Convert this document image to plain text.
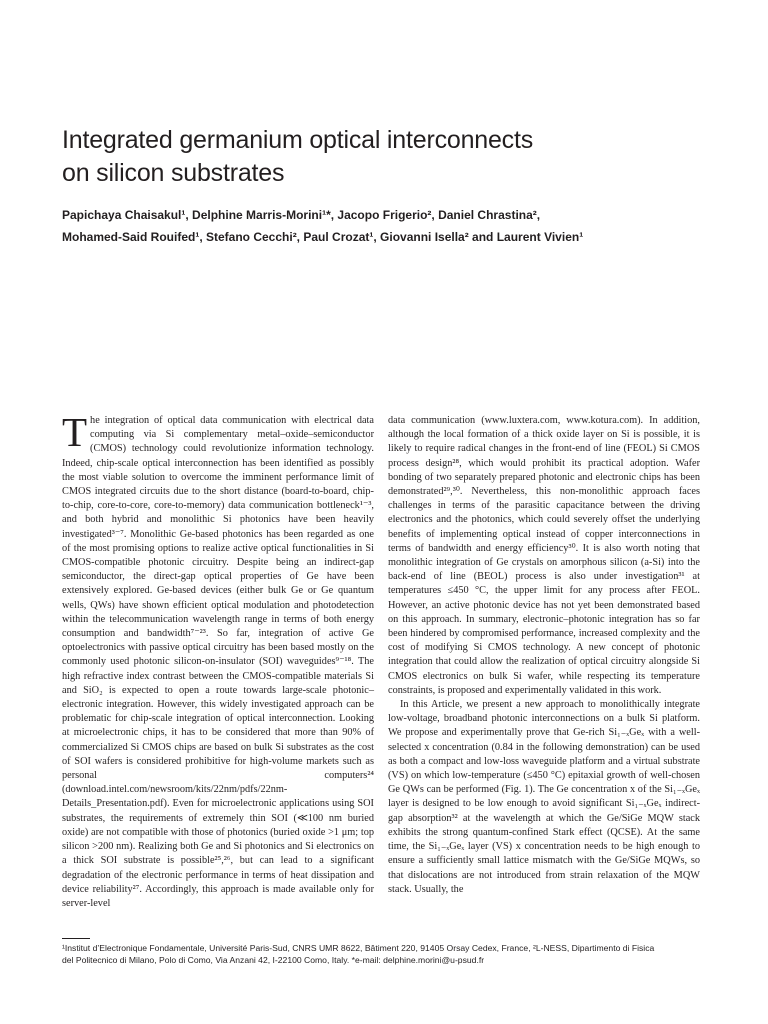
Integrated germanium optical interconnects
on silicon substrates
Papichaya Chaisakul¹, Delphine Marris-Morini¹*, Jacopo Frigerio², Daniel Chrastina²,
Mohamed-Said Rouifed¹, Stefano Cecchi², Paul Crozat¹, Giovanni Isella² and Laurent Vivien¹

The integration of optical data communication with electrical data computing via Si complementary metal–oxide–semiconductor (CMOS) technology could revolutionize information technology. Indeed, chip-scale optical interconnection has been identified as possibly the most viable solution to overcome the imminent performance limit of CMOS integrated circuits due to the short distance (board-to-board, chip-to-chip, core-to-core, core-to-memory) data communication bottleneck¹⁻³, and both hybrid and monolithic Si photonics have been heavily investigated³⁻⁷. Monolithic Ge-based photonics has been regarded as one of the most promising options to realize active optical functionalities in Si CMOS-compatible photonic circuitry. Despite being an indirect-gap semiconductor, the direct-gap optical properties of Ge have been extensively explored. Ge-based devices (either bulk Ge or Ge quantum wells, QWs) have shown efficient optical modulation and photodetection within the telecommunication wavelength range in terms of both energy consumption and bandwidth⁷⁻²³. So far, integration of active Ge optoelectronics with passive optical circuitry has been based mostly on the commonly used photonic silicon-on-insulator (SOI) waveguides⁹⁻¹⁸. The high refractive index contrast between the CMOS-compatible materials Si and SiO₂ is expected to open a route towards large-scale photonic–electronic integration. However, this widely investigated approach can be problematic for chip-scale integration of optical interconnection. Looking at microelectronic chips, it has to be considered that more than 90% of commercialized Si CMOS chips are based on bulk Si substrates as the cost of SOI wafers is considered prohibitive for high-volume markets such as personal computers²⁴ (download.intel.com/newsroom/kits/22nm/pdfs/22nm-Details_Presentation.pdf). Even for microelectronic applications using SOI substrates, the requirements of extremely thin SOI (≪100 nm buried oxide) are not compatible with those of photonics (buried oxide >1 μm; top silicon >200 nm). Realizing both Ge and Si photonics and Si electronics on a thick SOI substrate is possible²⁵,²⁶, but can lead to a significant degradation of the electronic performance in terms of heat dissipation and device reliability²⁷. Accordingly, this approach is made available only for server-level

data communication (www.luxtera.com, www.kotura.com). In addition, although the local formation of a thick oxide layer on Si is possible, it is likely to require radical changes in the front-end of line (FEOL) Si CMOS process design²⁸, which would prohibit its practical adoption. Wafer bonding of two separately prepared photonic and electronic chips has been demonstrated²⁹,³⁰. Nevertheless, this non-monolithic approach faces challenges in terms of the parasitic capacitance between the driving electronics and the photonics, which could severely offset the underlying benefits of implementing optical instead of copper interconnections in terms of bandwidth and energy efficiency³⁰. It is also worth noting that monolithic integration of Ge crystals on amorphous silicon (a-Si) into the back-end of line (BEOL) process is also under investigation³¹ at temperatures ≤450 °C, the upper limit for any process after FEOL. However, an active photonic device has not yet been demonstrated based on this approach. In summary, electronic–photonic integration has so far been hindered by compromised performance, increased complexity and the cost of modifying Si CMOS technology. A new concept of photonic integration that could allow the realization of optical circuitry alongside Si CMOS electronics on bulk Si wafer, while respecting its temperature constraints, is proposed and experimentally validated in this work.

In this Article, we present a new approach to monolithically integrate low-voltage, broadband photonic interconnections on a bulk Si platform. We propose and experimentally prove that Ge-rich Si₁₋ₓGeₓ with a well-selected x concentration (0.84 in the following demonstration) can be used as both a compact and low-loss waveguide platform and a virtual substrate (VS) on which low-temperature (≤450 °C) epitaxial growth of well-chosen Ge QWs can be performed (Fig. 1). The Ge concentration x of the Si₁₋ₓGeₓ layer is designed to be low enough to avoid significant Si₁₋ₓGeₓ indirect-gap absorption³² at the wavelength at which the Ge/SiGe MQW stack exhibits the strong quantum-confined Stark effect (QCSE). At the same time, the Si₁₋ₓGeₓ layer (VS) x concentration needs to be high enough to ensure a sufficiently small lattice mismatch with the Ge/SiGe MQWs, so that dislocations are not introduced from strain relaxation of the MQW stack. Usually, the

¹Institut d’Electronique Fondamentale, Université Paris-Sud, CNRS UMR 8622, Bâtiment 220, 91405 Orsay Cedex, France, ²L-NESS, Dipartimento di Fisica
del Politecnico di Milano, Polo di Como, Via Anzani 42, I-22100 Como, Italy. *e-mail: delphine.morini@u-psud.fr
